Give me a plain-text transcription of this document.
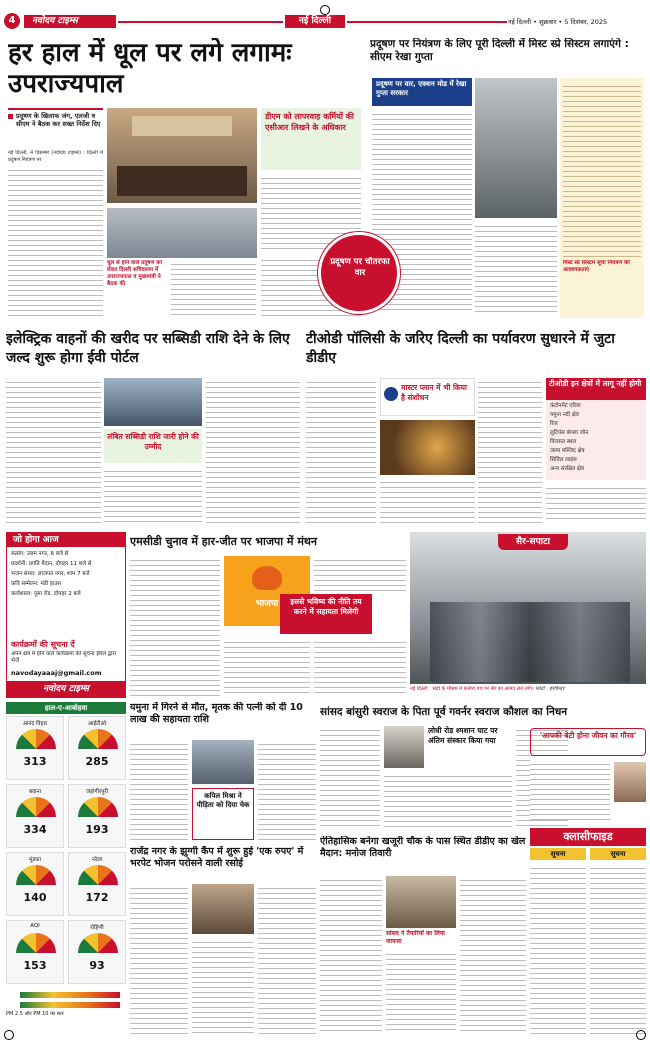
4	नवोदय टाइम्स	नई दिल्ली	नई दिल्ली • शुक्रवार • 5 दिसंबर, 2025
हर हाल में धूल पर लगे लगामः उपराज्यपाल
प्रदूषण के खिलाफ जंग, एलजी व सीएम ने बैठक कर सख्त निर्देश दिए
नई दिल्ली, 4 दिसम्बर (नवोदय टाइम्स) : दिल्ली में प्रदूषण नियंत्रण पर
डीएम को लापरवाह कर्मियों की एसीआर लिखने के अधिकार
धूल से होने वाले प्रदूषण को लेकर दिल्ली सचिवालय में उपराज्यपाल व मुख्यमंत्री ने बैठक की
प्रदूषण पर नियंत्रण के लिए पूरी दिल्ली में मिस्ट स्प्रे सिस्टम लगाएंगे : सीएम रेखा गुप्ता
प्रदूषण पर वार, एक्शन मोड में रेखा गुप्ता सरकार
मिस्ट स्प्रे सिस्टम सूचा नियंत्रण की आवश्यकताएं
प्रदूषण पर चौतरफा वार
इलेक्ट्रिक वाहनों की खरीद पर सब्सिडी राशि देने के लिए जल्द शुरू होगा ईवी पोर्टल
लंबित सब्सिडी राशि जारी होने की उम्मीद
टीओडी पॉलिसी के जरिए दिल्ली का पर्यावरण सुधारने में जुटा डीडीए
मास्टर प्लान में भी किया है संशोधन
टीओडी इन क्षेत्रों में लागू नहीं होगी
कंटोनमेंट एरिया
यमुना नदी क्षेत्र
रिज
लुटियंस बंगला जोन
विरासत स्थल
जामा मस्जिद क्षेत्र
सिविल लाइंस
अन्य संरक्षित क्षेत्र
जो होगा आज
सत्संग: उत्तम नगर, 6 बजे से
प्रदर्शनी: प्रगति मैदान, दोपहर 11 बजे से
भजन संध्या: लाजपत नगर, शाम 7 बजे
कवि सम्मेलन: मंडी हाउस
कार्यशाला: पूसा रोड, दोपहर 2 बजे
कार्यक्रमों की सूचना दें
अपने क्षेत्र में होने वाले कार्यक्रमों की सूचना ईमेल द्वारा भेजें
navodayaaaj@gmail.com
नवोदय टाइम्स
एमसीडी चुनाव में हार-जीत पर भाजपा में मंथन
भाजपा	इससे भविष्य की नीति तय करने में सहायता मिलेगी
सैर-सपाटा
नई दिल्ली : सर्दी के मौसम में कर्तव्य पथ पर सैर का आनंद लेते लोग। फोटो : हरविन्दर
हाल-ए-आबोहवा
आनंद विहार
313
आईटीओ
285
बवाना
334
जहांगीरपुरी
193
मुंडका
140
नरेला
172
AQI
153
रोहिणी
93
PM 2.5 और PM 10 का स्तर
यमुना में गिरने से मौत, मृतक की पत्नी को दी 10 लाख की सहायता राशि
कपिल मिश्रा ने पीड़िता को दिया चेक
राजेंद्र नगर के झुग्गी कैंप में शुरू हुई 'एक रुपए' में भरपेट भोजन परोसने वाली रसोई
सांसद बांसुरी स्वराज के पिता पूर्व गवर्नर स्वराज कौशल का निधन
लोधी रोड श्मशान घाट पर अंतिम संस्कार किया गया
ऐतिहासिक बनेगा खजूरी चौक के पास स्थित डीडीए का खेल मैदान: मनोज तिवारी
सांसद ने तैयारियों का लिया जायजा
'आपकी बेटी होना जीवन का गौरव'
क्लासीफाइड
सूचना	सूचना
